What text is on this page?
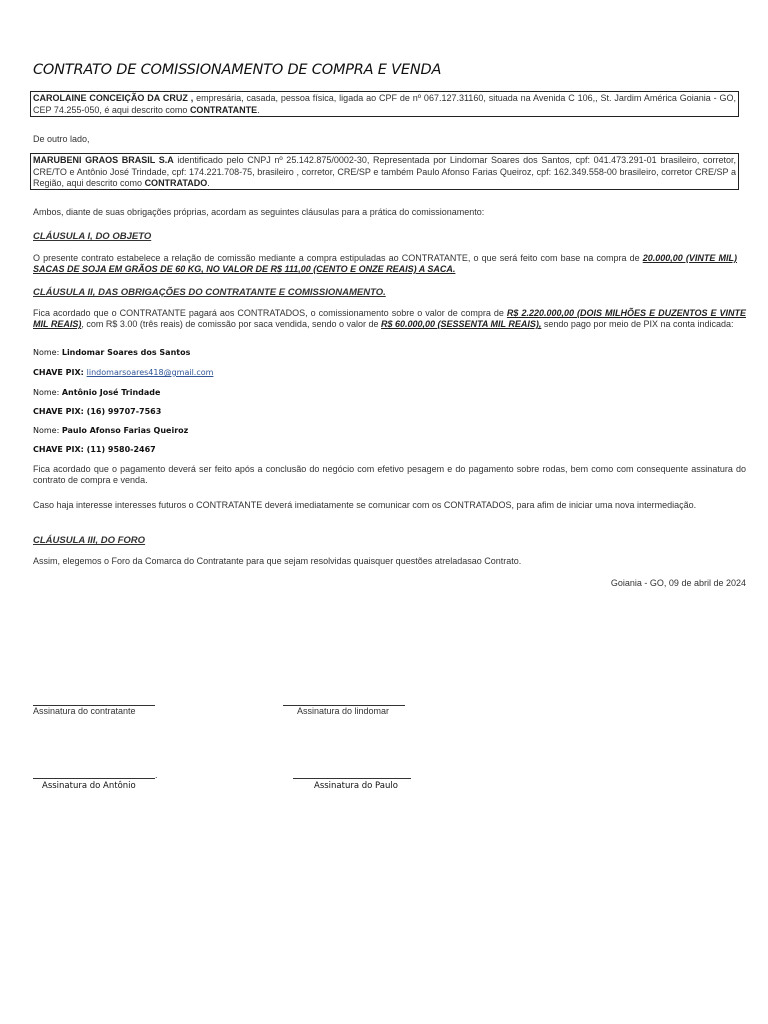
CONTRATO DE COMISSIONAMENTO DE COMPRA E VENDA
CAROLAINE CONCEIÇÃO DA CRUZ , empresária, casada, pessoa física, ligada ao CPF de nº 067.127.31160, situada na Avenida C 106,, St. Jardim América Goiania - GO, CEP 74.255-050, é aqui descrito como CONTRATANTE.
De outro lado,
MARUBENI GRAOS BRASIL S.A identificado pelo CNPJ nº 25.142.875/0002-30, Representada por Lindomar Soares dos Santos, cpf: 041.473.291-01 brasileiro, corretor, CRE/TO e Antônio José Trindade, cpf: 174.221.708-75, brasileiro , corretor, CRE/SP e também Paulo Afonso Farias Queiroz, cpf: 162.349.558-00 brasileiro, corretor CRE/SP a Região, aqui descrito como CONTRATADO.
Ambos, diante de suas obrigações próprias, acordam as seguintes cláusulas para a prática do comissionamento:
CLÁUSULA I, DO OBJETO
O presente contrato estabelece a relação de comissão mediante a compra estipuladas ao CONTRATANTE, o que será feito com base na compra de 20.000,00 (VINTE MIL) SACAS DE SOJA EM GRÃOS DE 60 KG, NO VALOR DE R$ 111,00 (CENTO E ONZE REAIS) A SACA.
CLÁUSULA II, DAS OBRIGAÇÕES DO CONTRATANTE E COMISSIONAMENTO.
Fica acordado que o CONTRATANTE pagará aos CONTRATADOS, o comissionamento sobre o valor de compra de R$ 2.220.000,00 (DOIS MILHÕES E DUZENTOS E VINTE MIL REAIS), com R$ 3.00 (três reais) de comissão por saca vendida, sendo o valor de R$ 60.000,00 (SESSENTA MIL REAIS), sendo pago por meio de PIX na conta indicada:
Nome: Lindomar Soares dos Santos
CHAVE PIX: lindomarsoares418@gmail.com
Nome: Antônio José Trindade
CHAVE PIX: (16) 99707-7563
Nome: Paulo Afonso Farias Queiroz
CHAVE PIX: (11) 9580-2467
Fica acordado que o pagamento deverá ser feito após a conclusão do negócio com efetivo pesagem e do pagamento sobre rodas, bem como com consequente assinatura do contrato de compra e venda.
Caso haja interesse interesses futuros o CONTRATANTE deverá imediatamente se comunicar com os CONTRATADOS, para afim de iniciar uma nova intermediação.
CLÁUSULA III, DO FORO
Assim, elegemos o Foro da Comarca do Contratante para que sejam resolvidas quaisquer questões atreladasao Contrato.
Goiania - GO, 09 de abril de 2024
Assinatura do contratante	Assinatura do lindomar
.
Assinatura do Antônio	Assinatura do Paulo
